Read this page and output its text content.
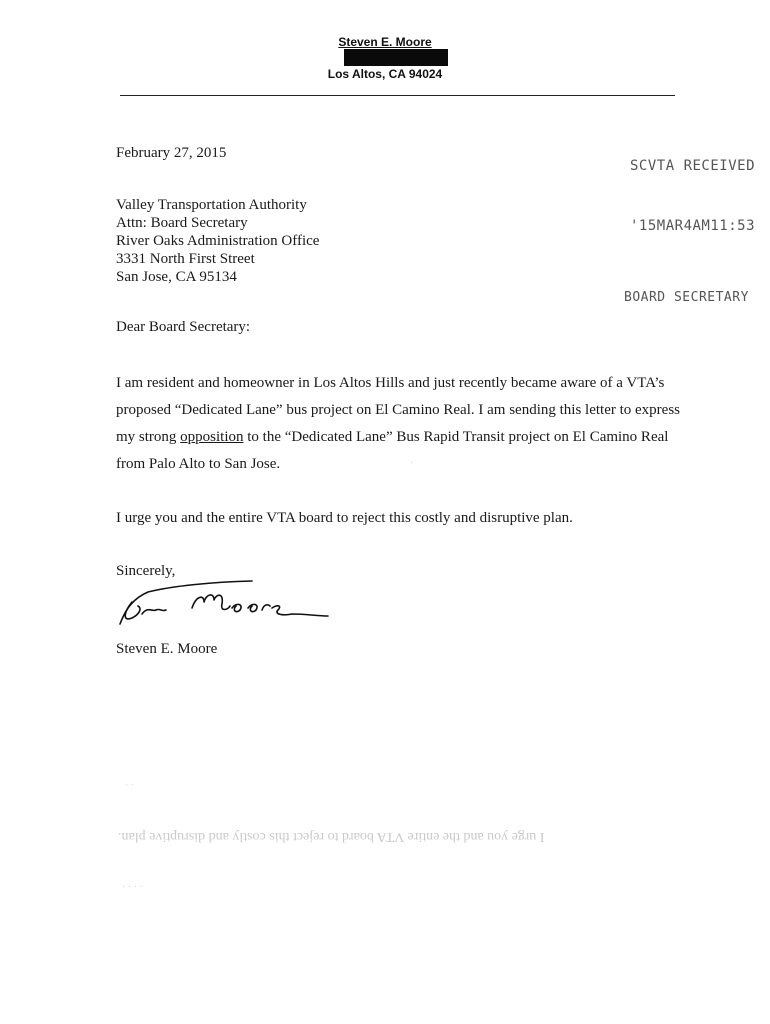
Steven E. Moore
Los Altos, CA 94024
SCVTA RECEIVED
'15MAR4AM11:53
BOARD SECRETARY
February 27, 2015
Valley Transportation Authority
Attn: Board Secretary
River Oaks Administration Office
3331 North First Street
San Jose, CA 95134
Dear Board Secretary:
I am resident and homeowner in Los Altos Hills and just recently became aware of a VTA’s
proposed “Dedicated Lane” bus project on El Camino Real. I am sending this letter to express
my strong opposition to the “Dedicated Lane” Bus Rapid Transit project on El Camino Real
from Palo Alto to San Jose.
I urge you and the entire VTA board to reject this costly and disruptive plan.
Sincerely,
Steven E. Moore
I urge you and the entire VTA board to reject this costly and disruptive plan.
· ·
· · · ·
·
